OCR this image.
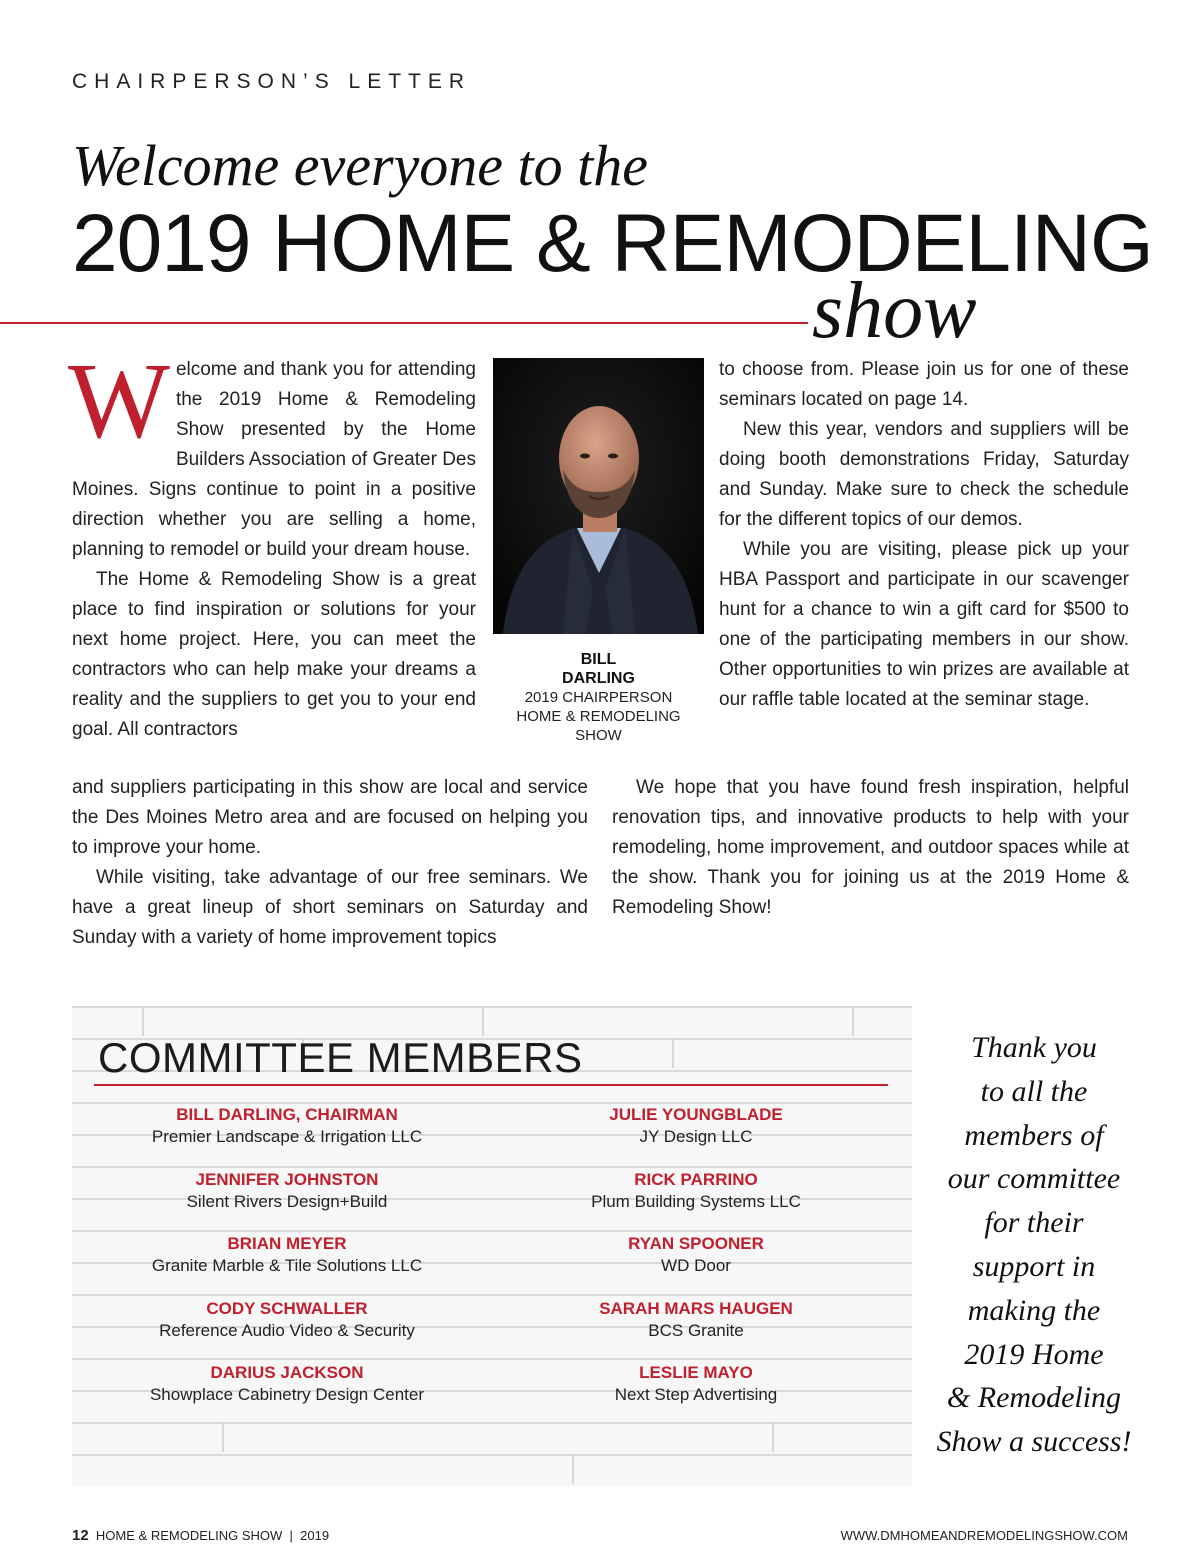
CHAIRPERSON’S LETTER
Welcome everyone to the
2019 HOME & REMODELING
show

Welcome and thank you for attending the 2019 Home & Remodeling Show presented by the Home Builders Association of Greater Des Moines. Signs continue to point in a positive direction whether you are selling a home, planning to remodel or build your dream house.

The Home & Remodeling Show is a great place to find inspiration or solutions for your next home project. Here, you can meet the contractors who can help make your dreams a reality and the suppliers to get you to your end goal. All contractors

and suppliers participating in this show are local and service the Des Moines Metro area and are focused on helping you to improve your home.

While visiting, take advantage of our free seminars. We have a great lineup of short seminars on Saturday and Sunday with a variety of home improvement topics

BILL
DARLING
2019 CHAIRPERSON
HOME & REMODELING
SHOW

to choose from. Please join us for one of these seminars located on page 14.

New this year, vendors and suppliers will be doing booth demonstrations Friday, Saturday and Sunday. Make sure to check the schedule for the different topics of our demos.

While you are visiting, please pick up your HBA Passport and participate in our scavenger hunt for a chance to win a gift card for $500 to one of the participating members in our show. Other opportunities to win prizes are available at our raffle table located at the seminar stage.

We hope that you have found fresh inspiration, helpful renovation tips, and innovative products to help with your remodeling, home improvement, and outdoor spaces while at the show. Thank you for joining us at the 2019 Home & Remodeling Show!

COMMITTEE MEMBERS
BILL DARLING, CHAIRMAN
Premier Landscape & Irrigation LLC
JENNIFER JOHNSTON
Silent Rivers Design+Build
BRIAN MEYER
Granite Marble & Tile Solutions LLC
CODY SCHWALLER
Reference Audio Video & Security
DARIUS JACKSON
Showplace Cabinetry Design Center
JULIE YOUNGBLADE
JY Design LLC
RICK PARRINO
Plum Building Systems LLC
RYAN SPOONER
WD Door
SARAH MARS HAUGEN
BCS Granite
LESLIE MAYO
Next Step Advertising
Thank you
to all the
members of
our committee
for their
support in
making the
2019 Home
& Remodeling
Show a success!
12 HOME & REMODELING SHOW | 2019	WWW.DMHOMEANDREMODELINGSHOW.COM
